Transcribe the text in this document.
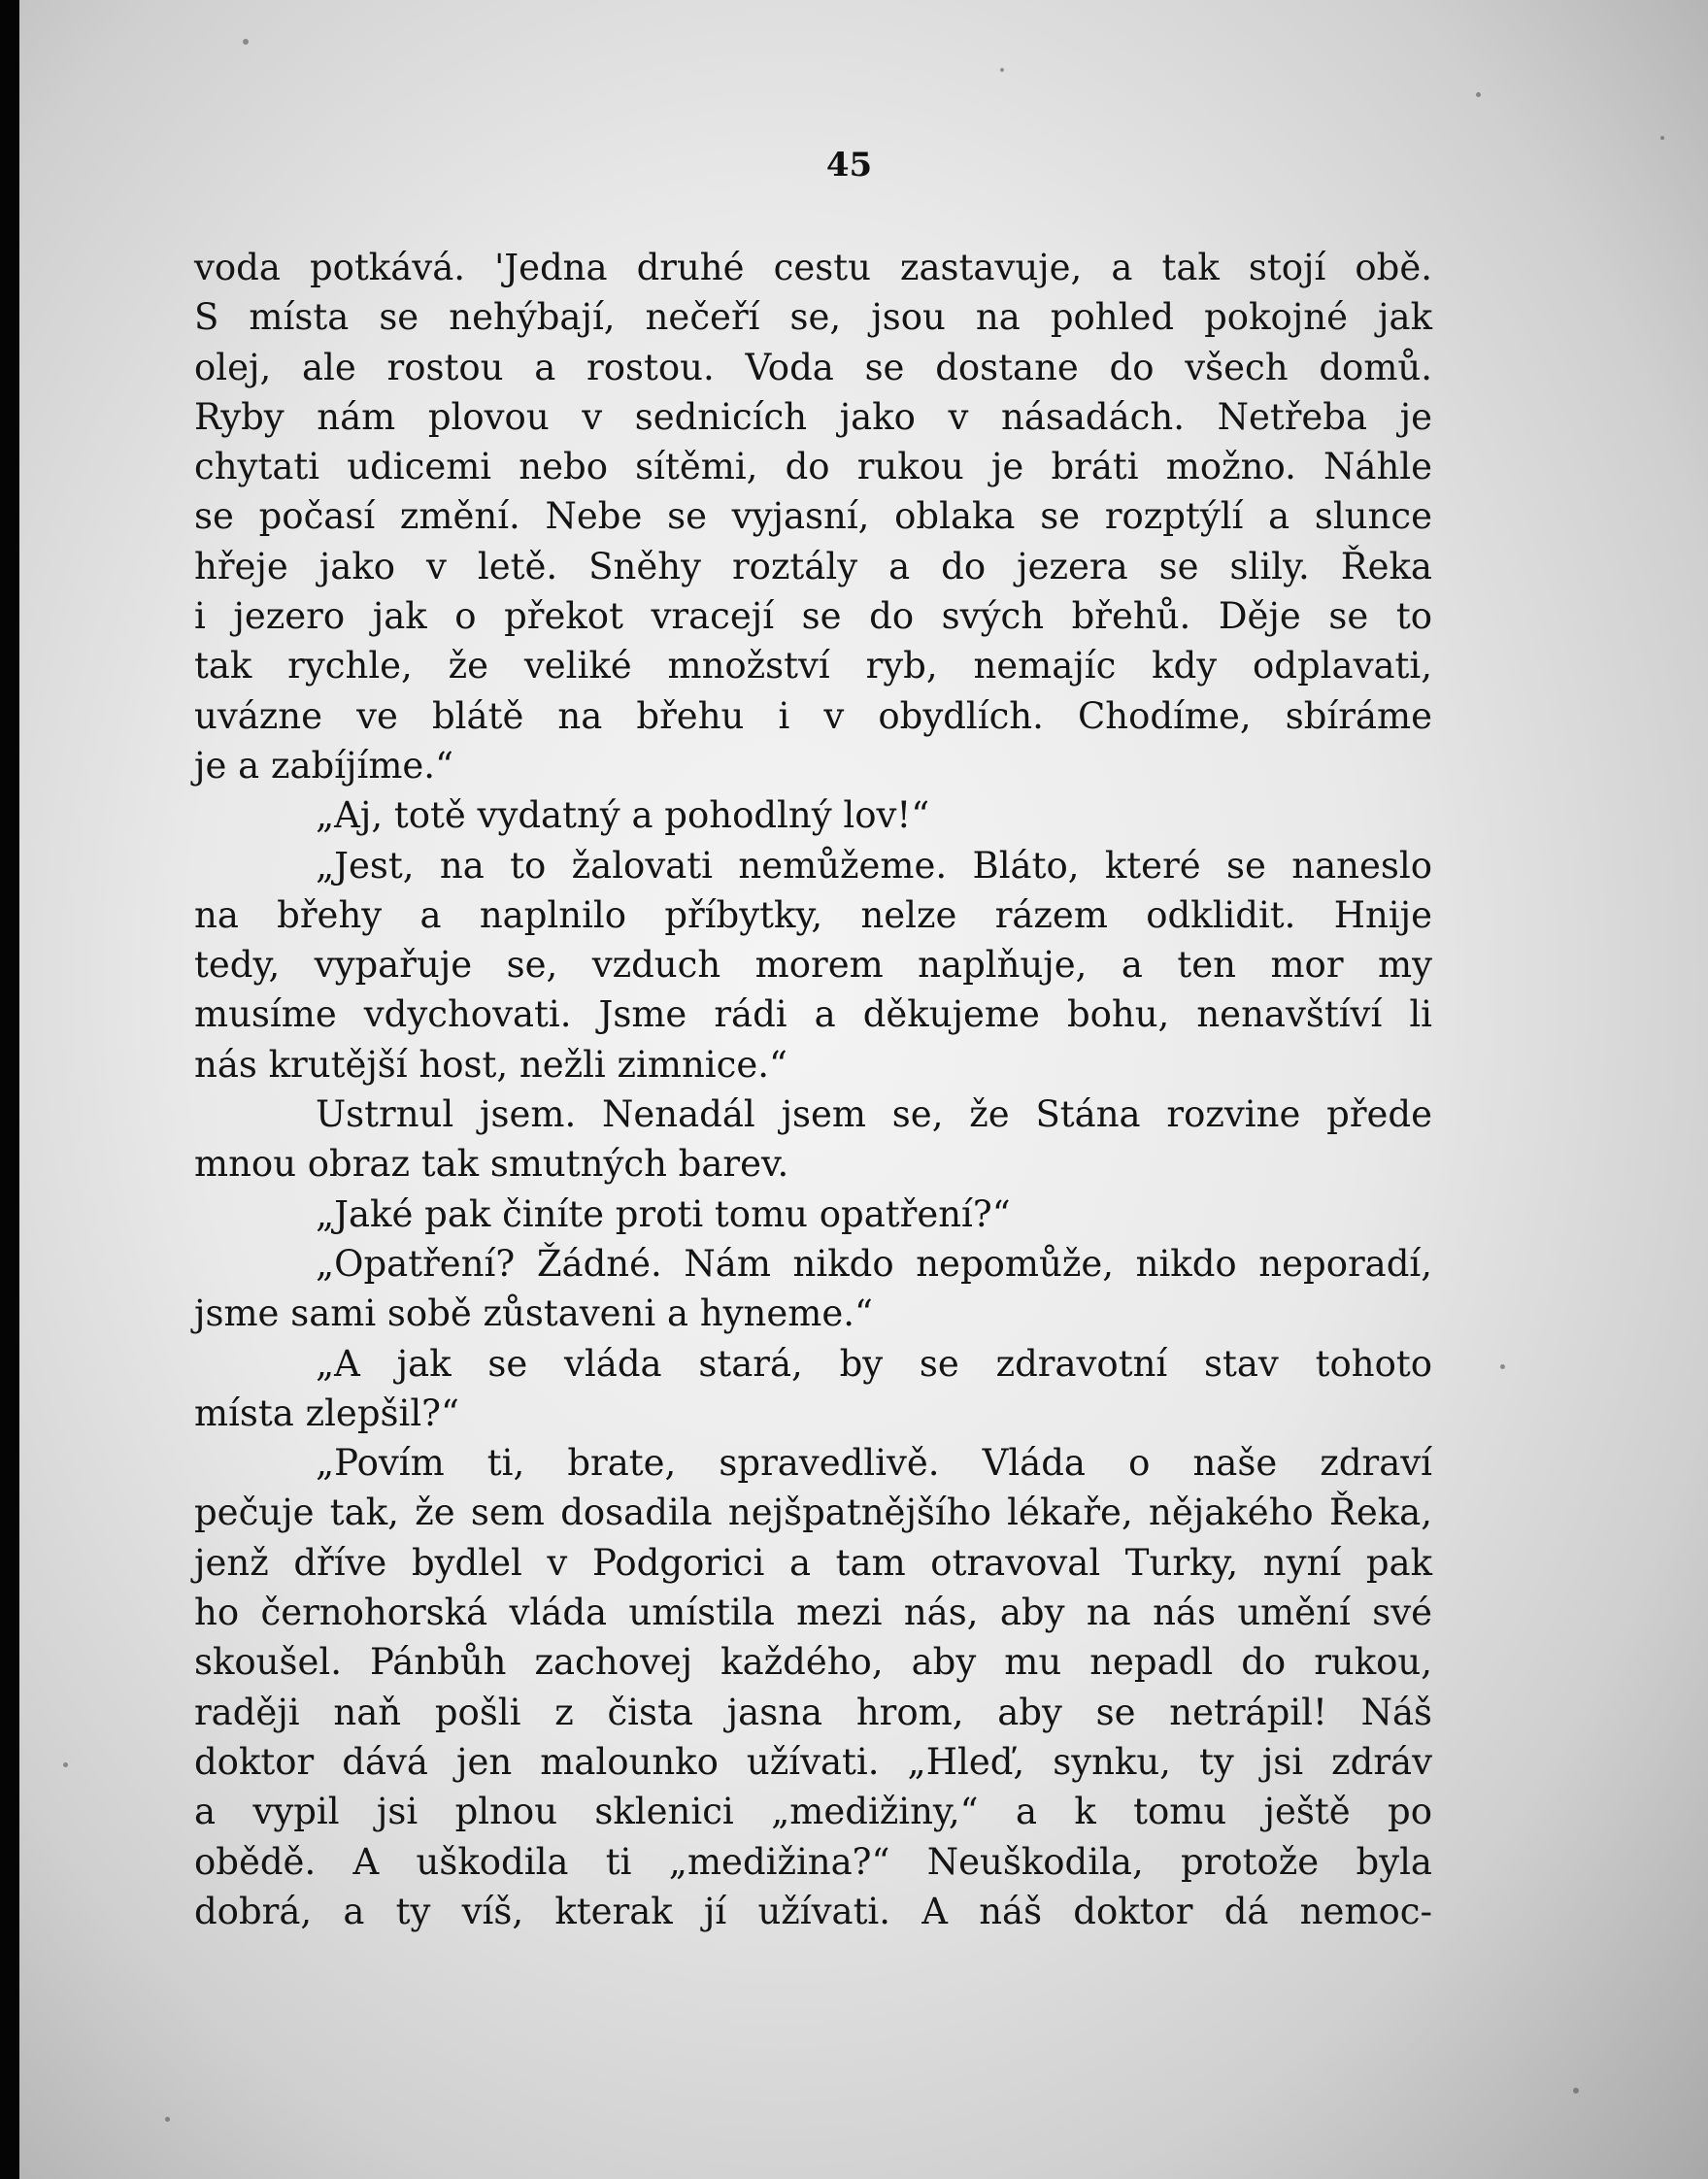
45
voda potkává. 'Jedna druhé cestu zastavuje, a tak stojí obě.
S místa se nehýbají, nečeří se, jsou na pohled pokojné jak
olej, ale rostou a rostou. Voda se dostane do všech domů.
Ryby nám plovou v sednicích jako v násadách. Netřeba je
chytati udicemi nebo sítěmi, do rukou je bráti možno. Náhle
se počasí změní. Nebe se vyjasní, oblaka se rozptýlí a slunce
hřeje jako v letě. Sněhy roztály a do jezera se slily. Řeka
i jezero jak o překot vracejí se do svých břehů. Děje se to
tak rychle, že veliké množství ryb, nemajíc kdy odplavati,
uvázne ve blátě na břehu i v obydlích. Chodíme, sbíráme
je a zabíjíme.“
„Aj, totě vydatný a pohodlný lov!“
„Jest, na to žalovati nemůžeme. Bláto, které se naneslo
na břehy a naplnilo příbytky, nelze rázem odklidit. Hnije
tedy, vypařuje se, vzduch morem naplňuje, a ten mor my
musíme vdychovati. Jsme rádi a děkujeme bohu, nenavštíví li
nás krutější host, nežli zimnice.“
Ustrnul jsem. Nenadál jsem se, že Stána rozvine přede
mnou obraz tak smutných barev.
„Jaké pak činíte proti tomu opatření?“
„Opatření? Žádné. Nám nikdo nepomůže, nikdo neporadí,
jsme sami sobě zůstaveni a hyneme.“
„A jak se vláda stará, by se zdravotní stav tohoto
místa zlepšil?“
„Povím ti, brate, spravedlivě. Vláda o naše zdraví
pečuje tak, že sem dosadila nejšpatnějšího lékaře, nějakého Řeka,
jenž dříve bydlel v Podgorici a tam otravoval Turky, nyní pak
ho černohorská vláda umístila mezi nás, aby na nás umění své
skoušel. Pánbůh zachovej každého, aby mu nepadl do rukou,
raději naň pošli z čista jasna hrom, aby se netrápil! Náš
doktor dává jen malounko užívati. „Hleď, synku, ty jsi zdráv
a vypil jsi plnou sklenici „medižiny,“ a k tomu ještě po
obědě. A uškodila ti „medižina?“ Neuškodila, protože byla
dobrá, a ty víš, kterak jí užívati. A náš doktor dá nemoc-
